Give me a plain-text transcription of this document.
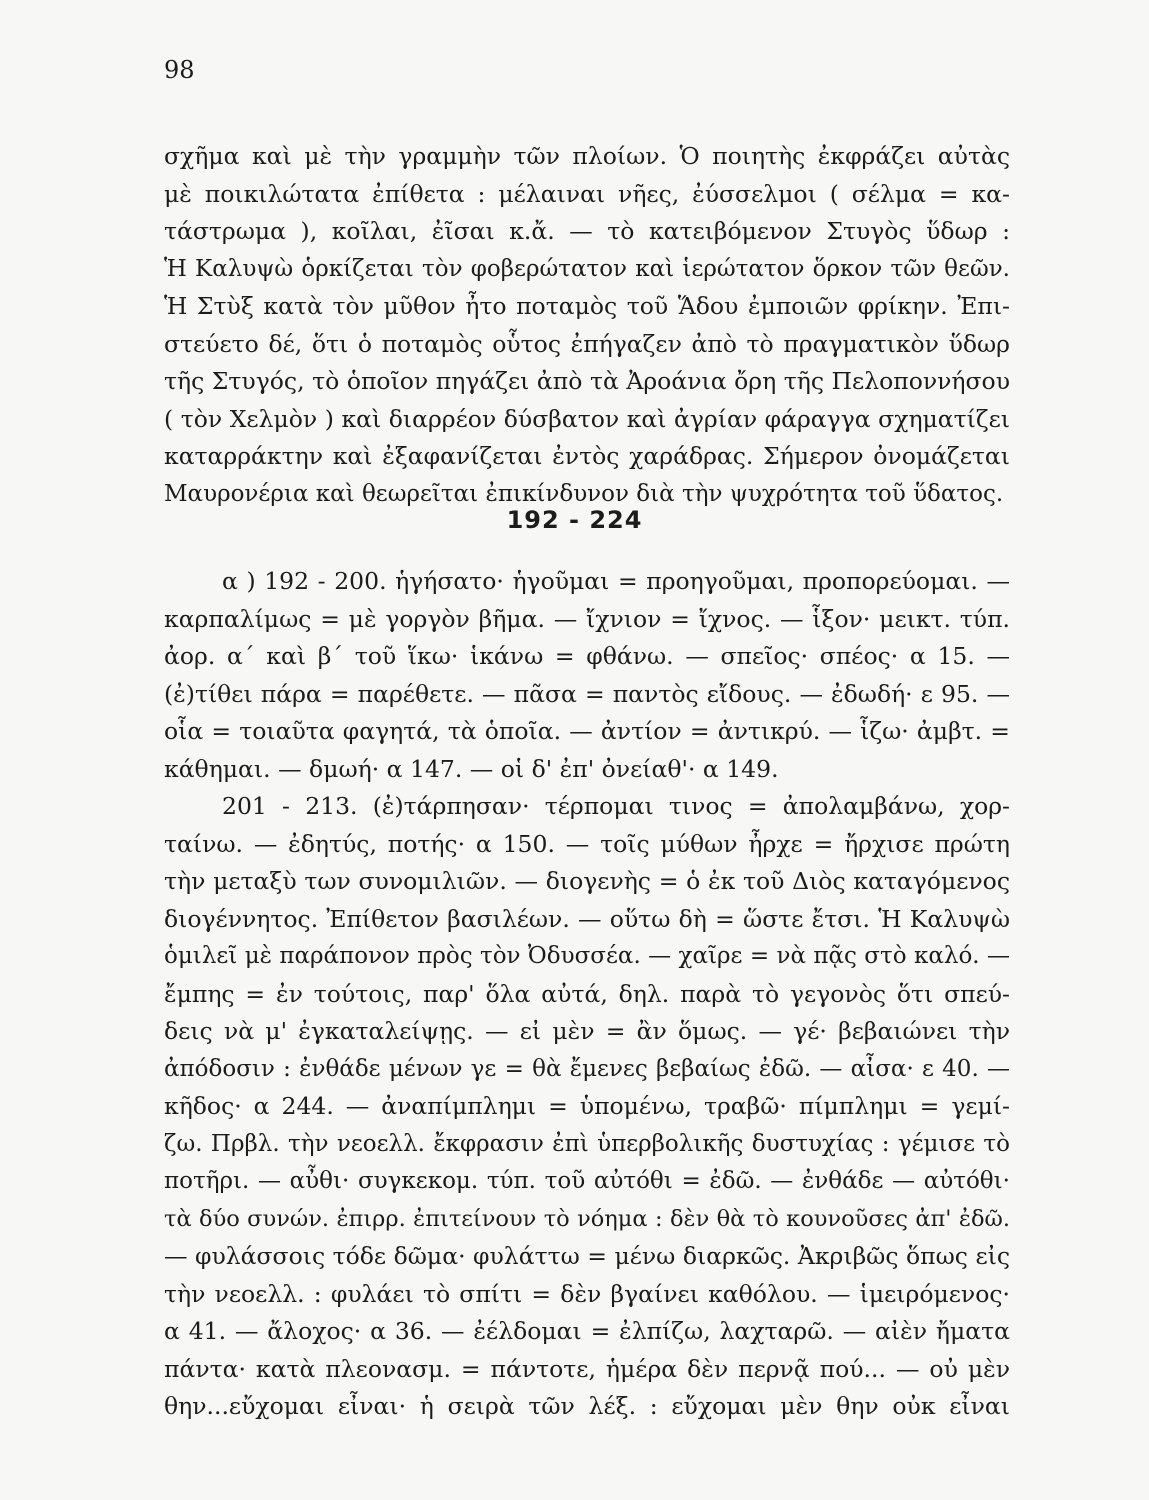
98
σχῆμα καὶ μὲ τὴν γραμμὴν τῶν πλοίων. Ὁ ποιητὴς ἐκφράζει αὐτὰς
μὲ ποικιλώτατα ἐπίθετα : μέλαιναι νῆες, ἐύσσελμοι ( σέλμα = κα-
τάστρωμα ), κοῖλαι, ἐῖσαι κ.ἄ. — τὸ κατειβόμενον Στυγὸς ὕδωρ :
Ἡ Καλυψὼ ὁρκίζεται τὸν φοβερώτατον καὶ ἱερώτατον ὅρκον τῶν θεῶν.
Ἡ Στὺξ κατὰ τὸν μῦθον ἦτο ποταμὸς τοῦ Ἅδου ἐμποιῶν φρίκην. Ἐπι-
στεύετο δέ, ὅτι ὁ ποταμὸς οὗτος ἐπήγαζεν ἀπὸ τὸ πραγματικὸν ὕδωρ
τῆς Στυγός, τὸ ὁποῖον πηγάζει ἀπὸ τὰ Ἀροάνια ὄρη τῆς Πελοποννήσου
( τὸν Χελμὸν ) καὶ διαρρέον δύσβατον καὶ ἀγρίαν φάραγγα σχηματίζει
καταρράκτην καὶ ἐξαφανίζεται ἐντὸς χαράδρας. Σήμερον ὀνομάζεται
Μαυρονέρια καὶ θεωρεῖται ἐπικίνδυνον διὰ τὴν ψυχρότητα τοῦ ὕδατος.
192 - 224
α ) 192 - 200. ἡγήσατο· ἡγοῦμαι = προηγοῦμαι, προπορεύομαι. —
καρπαλίμως = μὲ γοργὸν βῆμα. — ἴχνιον = ἴχνος. — ἷξον· μεικτ. τύπ.
ἀορ. α΄ καὶ β΄ τοῦ ἵκω· ἱκάνω = φθάνω. — σπεῖος· σπέος· α 15. —
(ἐ)τίθει πάρα = παρέθετε. — πᾶσα = παντὸς εἴδους. — ἐδωδή· ε 95. —
οἷα = τοιαῦτα φαγητά, τὰ ὁποῖα. — ἀντίον = ἀντικρύ. — ἷζω· ἀμβτ. =
κάθημαι. — δμωή· α 147. — οἱ δ' ἐπ' ὀνείαθ'· α 149.
201 - 213. (ἐ)τάρπησαν· τέρπομαι τινος = ἀπολαμβάνω, χορ-
ταίνω. — ἐδητύς, ποτής· α 150. — τοῖς μύθων ἦρχε = ἤρχισε πρώτη
τὴν μεταξὺ των συνομιλιῶν. — διογενὴς = ὁ ἐκ τοῦ Διὸς καταγόμενος
διογέννητος. Ἐπίθετον βασιλέων. — οὕτω δὴ = ὥστε ἔτσι. Ἡ Καλυψὼ
ὁμιλεῖ μὲ παράπονον πρὸς τὸν Ὀδυσσέα. — χαῖρε = νὰ πᾷς στὸ καλό. —
ἔμπης = ἐν τούτοις, παρ' ὅλα αὐτά, δηλ. παρὰ τὸ γεγονὸς ὅτι σπεύ-
δεις νὰ μ' ἐγκαταλείψῃς. — εἰ μὲν = ἂν ὅμως. — γέ· βεβαιώνει τὴν
ἀπόδοσιν : ἐνθάδε μένων γε = θὰ ἔμενες βεβαίως ἐδῶ. — αἶσα· ε 40. —
κῆδος· α 244. — ἀναπίμπλημι = ὑπομένω, τραβῶ· πίμπλημι = γεμί-
ζω. Πρβλ. τὴν νεοελλ. ἔκφρασιν ἐπὶ ὑπερβολικῆς δυστυχίας : γέμισε τὸ
ποτῆρι. — αὖθι· συγκεκομ. τύπ. τοῦ αὐτόθι = ἐδῶ. — ἐνθάδε — αὐτόθι·
τὰ δύο συνών. ἐπιρρ. ἐπιτείνουν τὸ νόημα : δὲν θὰ τὸ κουνοῦσες ἀπ' ἐδῶ.
— φυλάσσοις τόδε δῶμα· φυλάττω = μένω διαρκῶς. Ἀκριβῶς ὅπως εἰς
τὴν νεοελλ. : φυλάει τὸ σπίτι = δὲν βγαίνει καθόλου. — ἱμειρόμενος·
α 41. — ἄλοχος· α 36. — ἐέλδομαι = ἐλπίζω, λαχταρῶ. — αἰὲν ἤματα
πάντα· κατὰ πλεονασμ. = πάντοτε, ἡμέρα δὲν περνᾷ πού... — οὐ μὲν
θην...εὔχομαι εἶναι· ἡ σειρὰ τῶν λέξ. : εὔχομαι μὲν θην οὐκ εἶναι
